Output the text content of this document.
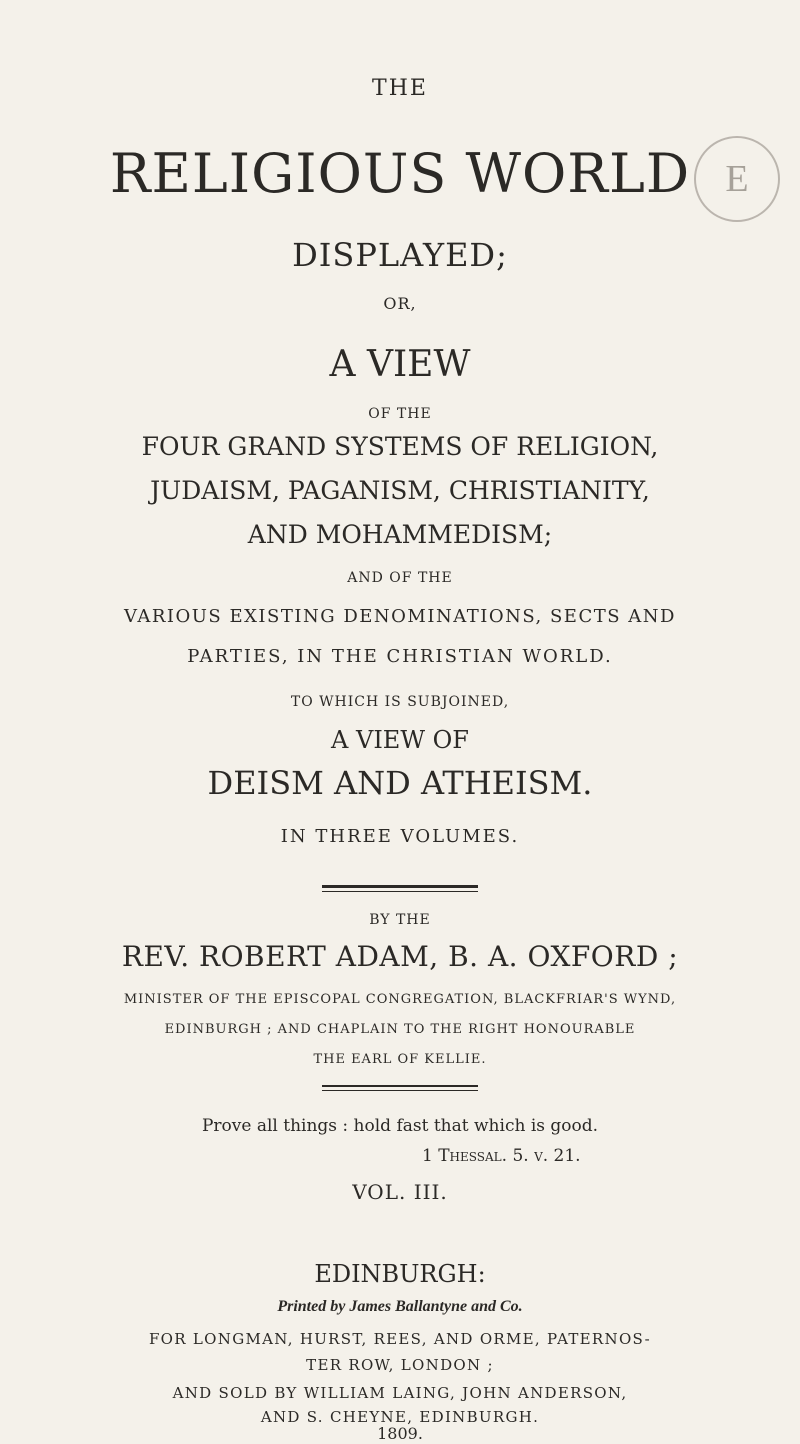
THE
RELIGIOUS WORLD
DISPLAYED;
E
OR,
A VIEW
OF THE
FOUR GRAND SYSTEMS OF RELIGION,
JUDAISM, PAGANISM, CHRISTIANITY,
AND MOHAMMEDISM;
AND OF THE
VARIOUS EXISTING DENOMINATIONS, SECTS AND
PARTIES, IN THE CHRISTIAN WORLD.
TO WHICH IS SUBJOINED,
A VIEW OF
DEISM AND ATHEISM.
IN THREE VOLUMES.
BY THE
REV. ROBERT ADAM, B. A. OXFORD ;
MINISTER OF THE EPISCOPAL CONGREGATION, BLACKFRIAR'S WYND,
EDINBURGH ; AND CHAPLAIN TO THE RIGHT HONOURABLE
THE EARL OF KELLIE.
Prove all things : hold fast that which is good.
1 Thessal. 5. v. 21.
VOL. III.
EDINBURGH:
Printed by James Ballantyne and Co.
FOR LONGMAN, HURST, REES, AND ORME, PATERNOS-
TER ROW, LONDON ;
AND SOLD BY WILLIAM LAING, JOHN ANDERSON,
AND S. CHEYNE, EDINBURGH.
1809.
